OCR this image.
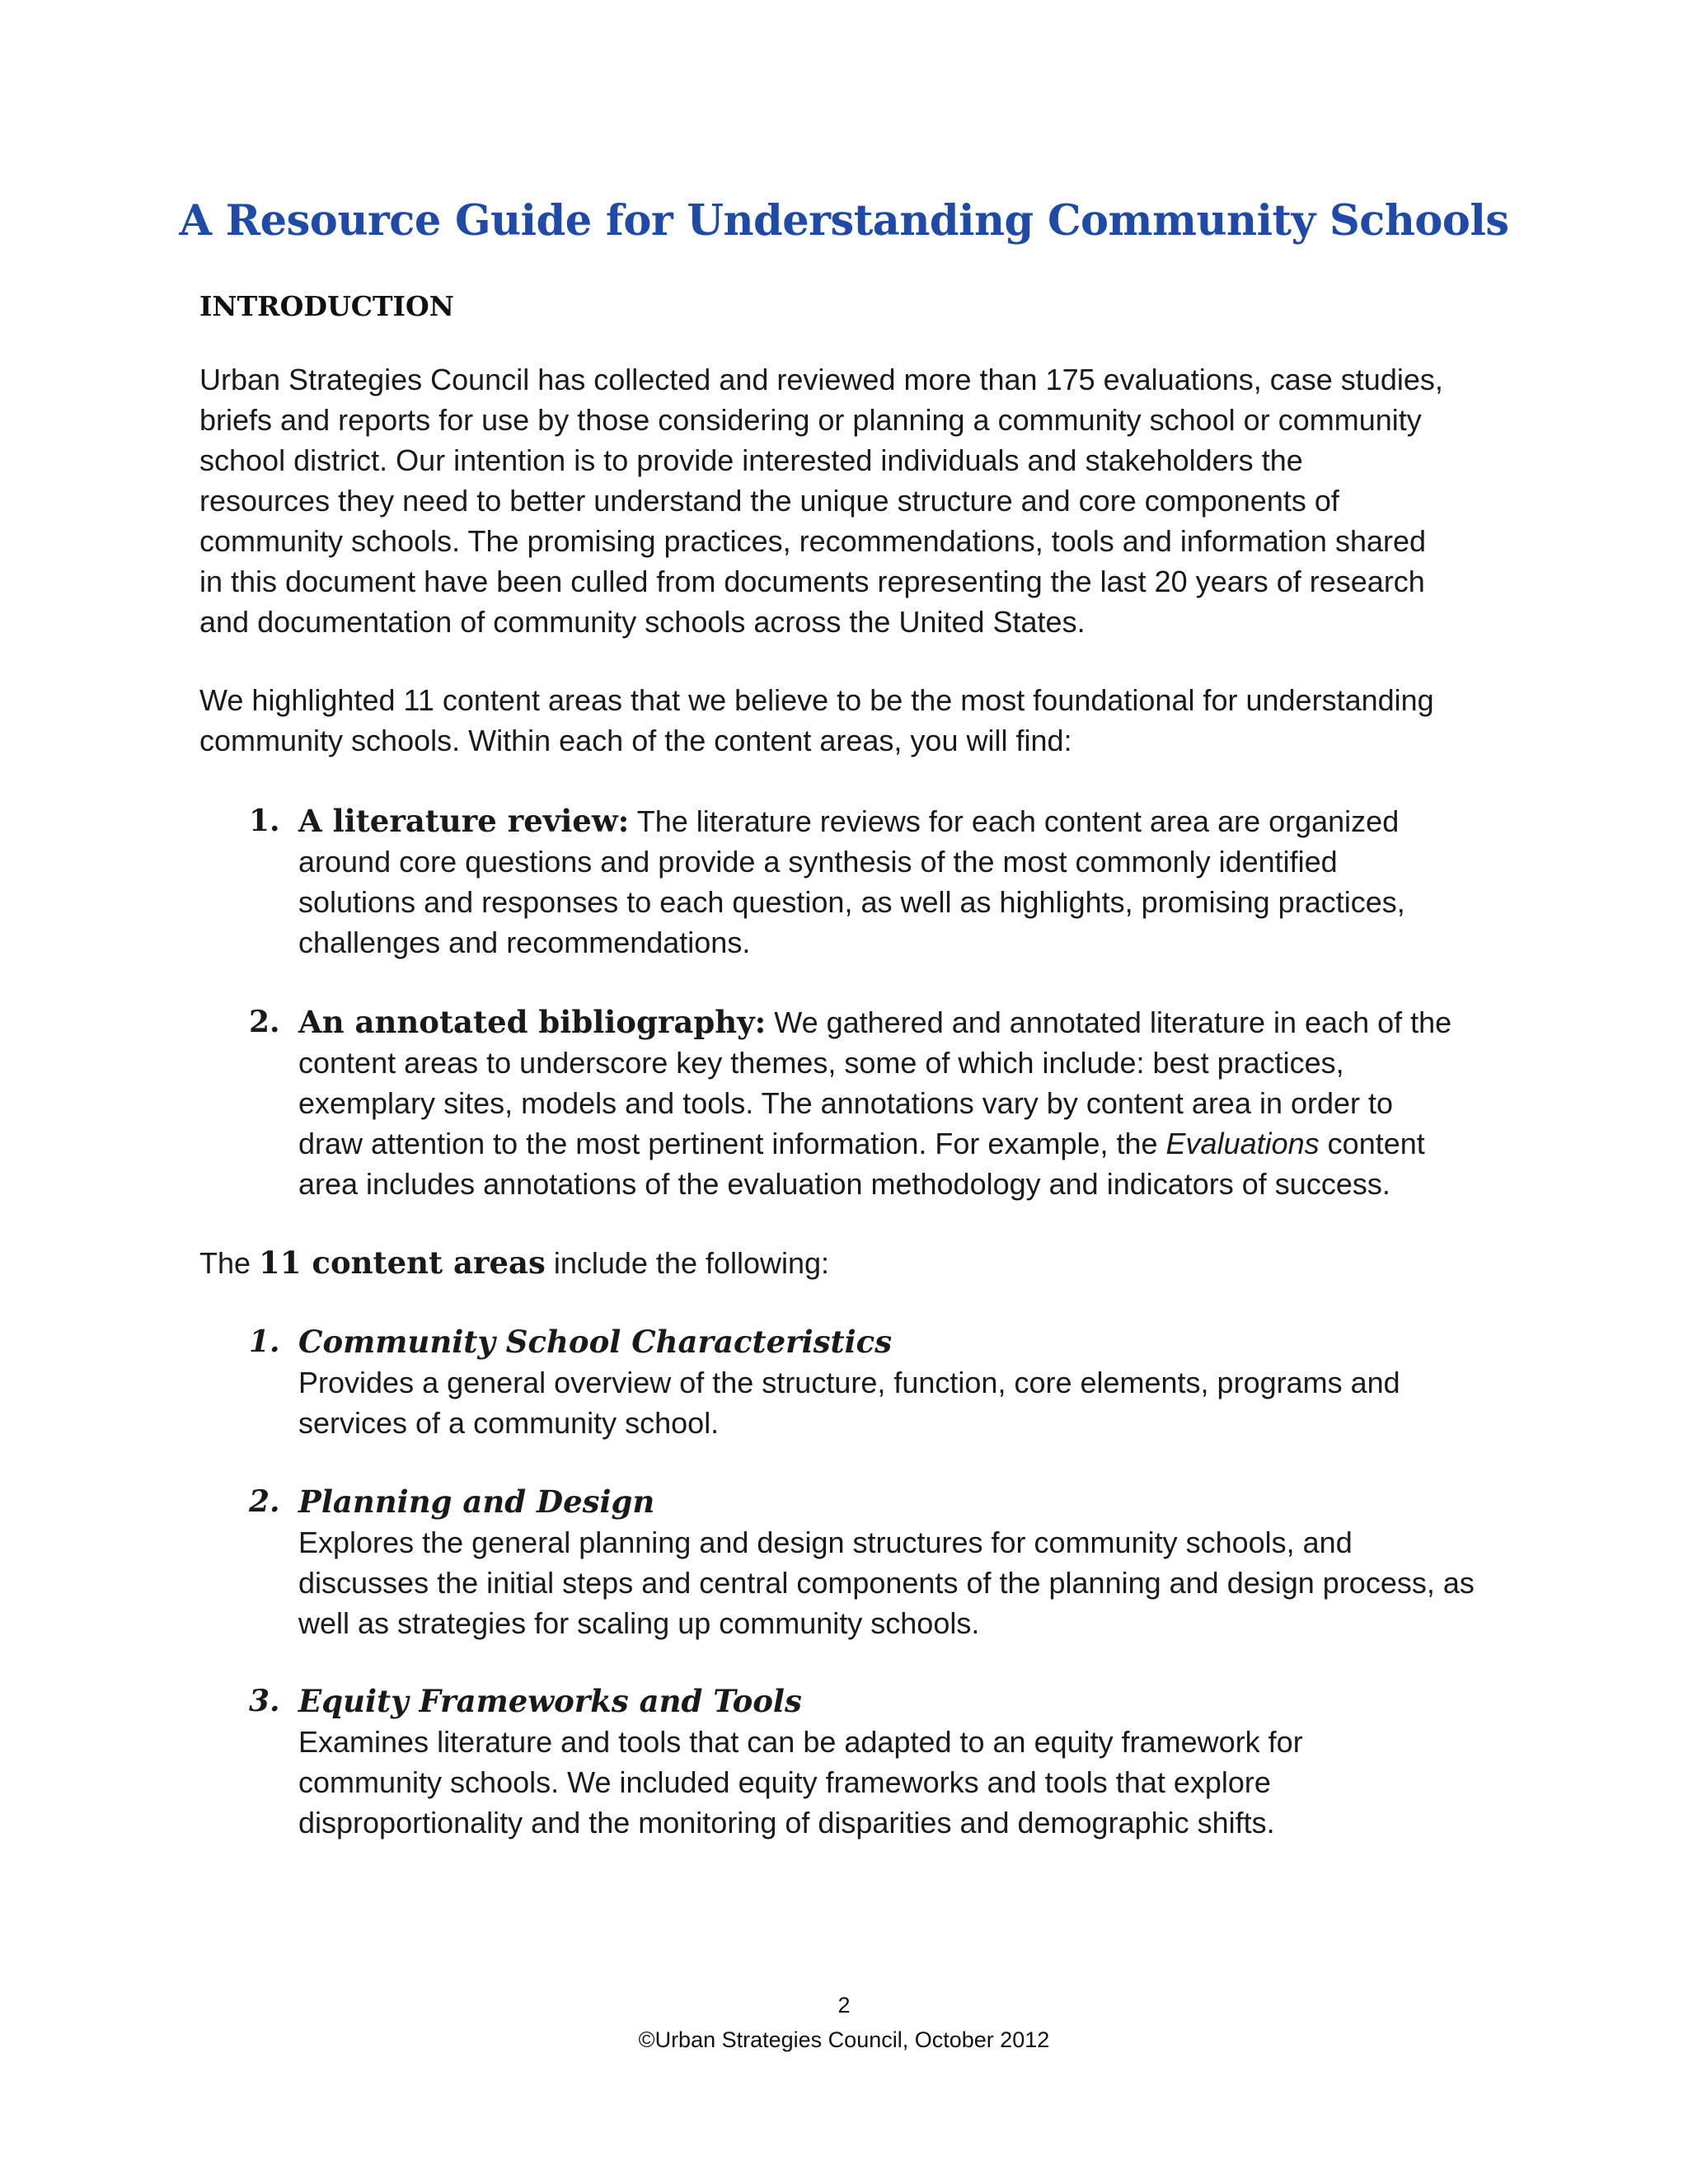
A Resource Guide for Understanding Community Schools
INTRODUCTION
Urban Strategies Council has collected and reviewed more than 175 evaluations, case studies,
briefs and reports for use by those considering or planning a community school or community
school district. Our intention is to provide interested individuals and stakeholders the
resources they need to better understand the unique structure and core components of
community schools. The promising practices, recommendations, tools and information shared
in this document have been culled from documents representing the last 20 years of research
and documentation of community schools across the United States.
We highlighted 11 content areas that we believe to be the most foundational for understanding
community schools. Within each of the content areas, you will find:
1. A literature review: The literature reviews for each content area are organized
around core questions and provide a synthesis of the most commonly identified
solutions and responses to each question, as well as highlights, promising practices,
challenges and recommendations.
2. An annotated bibliography: We gathered and annotated literature in each of the
content areas to underscore key themes, some of which include: best practices,
exemplary sites, models and tools. The annotations vary by content area in order to
draw attention to the most pertinent information. For example, the Evaluations content
area includes annotations of the evaluation methodology and indicators of success.
The 11 content areas include the following:
1. Community School Characteristics
Provides a general overview of the structure, function, core elements, programs and
services of a community school.
2. Planning and Design
Explores the general planning and design structures for community schools, and
discusses the initial steps and central components of the planning and design process, as
well as strategies for scaling up community schools.
3. Equity Frameworks and Tools
Examines literature and tools that can be adapted to an equity framework for
community schools. We included equity frameworks and tools that explore
disproportionality and the monitoring of disparities and demographic shifts.
2
©Urban Strategies Council, October 2012
